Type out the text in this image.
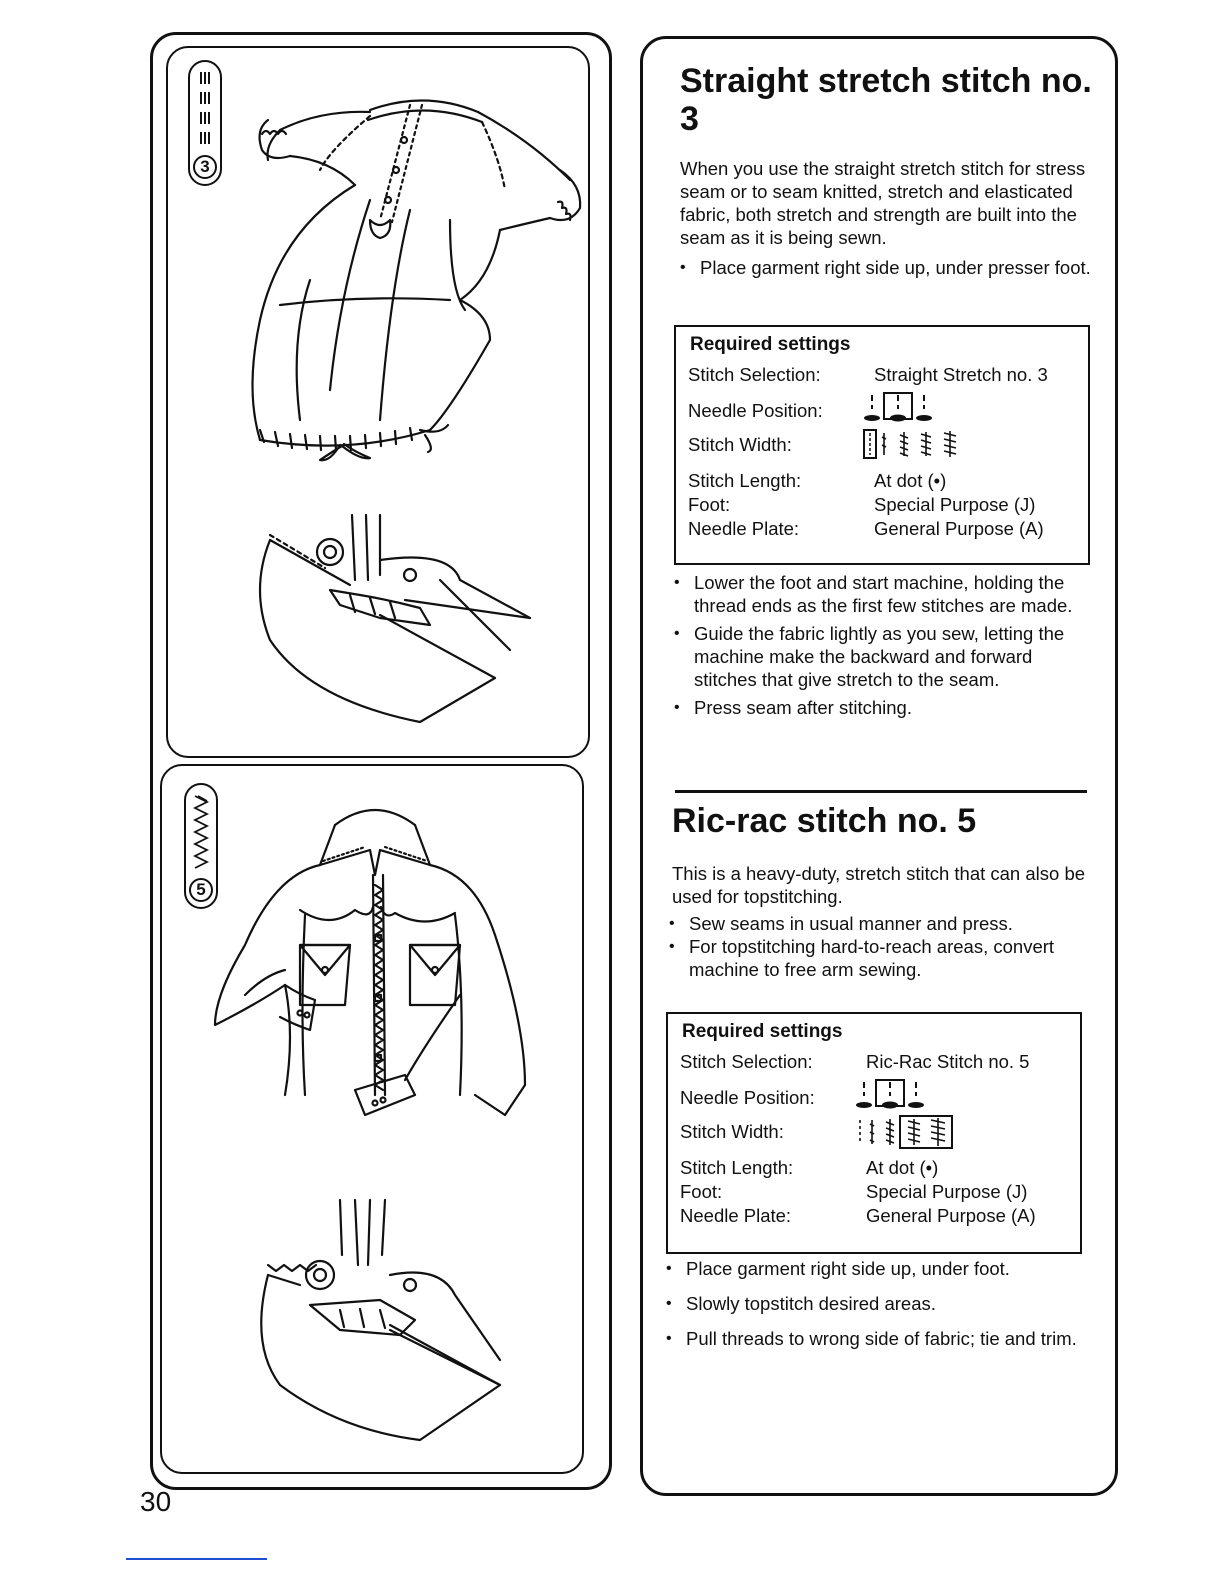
3
5
30
Straight stretch stitch no. 3

When you use the straight stretch stitch for stress seam or to seam knitted, stretch and elasticated fabric, both stretch and strength are built into the seam as it is being sewn.

• Place garment right side up, under presser foot.
Required settings
Stitch Selection:	Straight Stretch no. 3
Needle Position:
Stitch Width:
Stitch Length:	At dot (•)
Foot:	Special Purpose (J)
Needle Plate:	General Purpose (A)
• Lower the foot and start machine, holding the thread ends as the first few stitches are made.
• Guide the fabric lightly as you sew, letting the machine make the backward and forward stitches that give stretch to the seam.
• Press seam after stitching.
Ric-rac stitch no. 5

This is a heavy-duty, stretch stitch that can also be used for topstitching.

• Sew seams in usual manner and press.
• For topstitching hard-to-reach areas, convert machine to free arm sewing.
Required settings
Stitch Selection:	Ric-Rac Stitch no. 5
Needle Position:
Stitch Width:
Stitch Length:	At dot (•)
Foot:	Special Purpose (J)
Needle Plate:	General Purpose (A)
• Place garment right side up, under foot.
• Slowly topstitch desired areas.
• Pull threads to wrong side of fabric; tie and trim.
